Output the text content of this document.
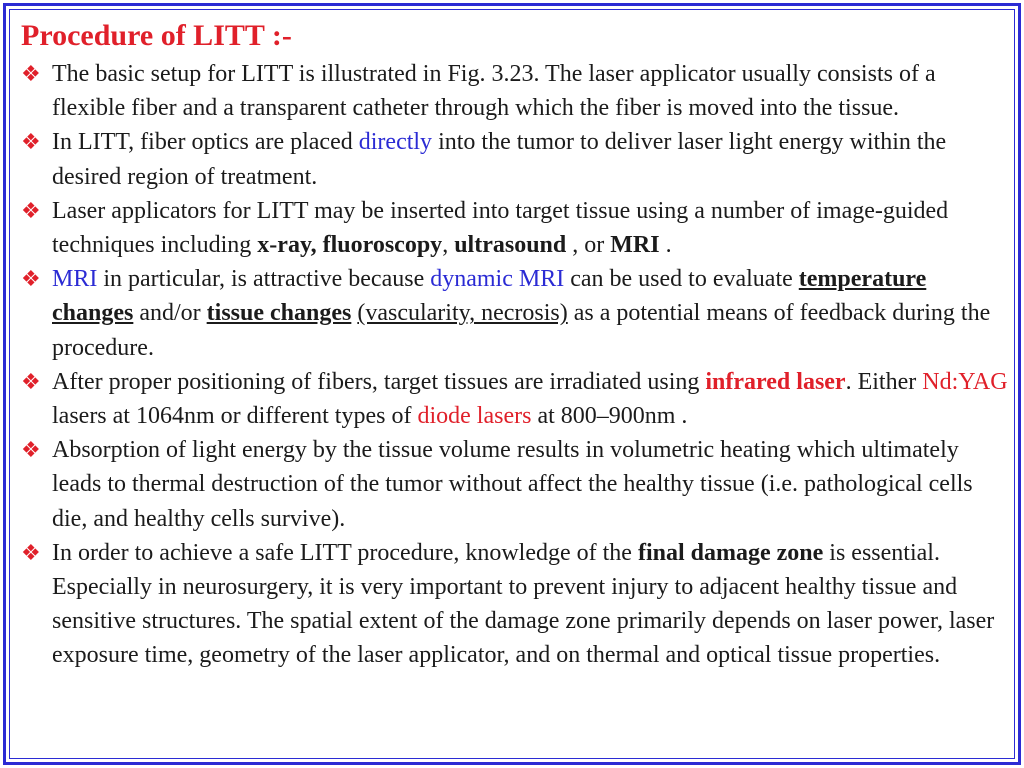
Procedure of LITT :-
❖ The basic setup for LITT is illustrated in Fig. 3.23. The laser applicator usually consists of a flexible fiber and a transparent catheter through which the fiber is moved into the tissue.
❖ In LITT, fiber optics are placed directly into the tumor to deliver laser light energy within the desired region of treatment.
❖ Laser applicators for LITT may be inserted into target tissue using a number of image-guided techniques including x-ray, fluoroscopy, ultrasound , or MRI .
❖ MRI in particular, is attractive because dynamic MRI can be used to evaluate temperature changes and/or tissue changes (vascularity, necrosis) as a potential means of feedback during the procedure.
❖ After proper positioning of fibers, target tissues are irradiated using infrared laser. Either Nd:YAG lasers at 1064nm or different types of diode lasers at 800–900nm .
❖ Absorption of light energy by the tissue volume results in volumetric heating which ultimately leads to thermal destruction of the tumor without affect the healthy tissue (i.e. pathological cells die, and healthy cells survive).
❖ In order to achieve a safe LITT procedure, knowledge of the final damage zone is essential. Especially in neurosurgery, it is very important to prevent injury to adjacent healthy tissue and sensitive structures. The spatial extent of the damage zone primarily depends on laser power, laser exposure time, geometry of the laser applicator, and on thermal and optical tissue properties.
